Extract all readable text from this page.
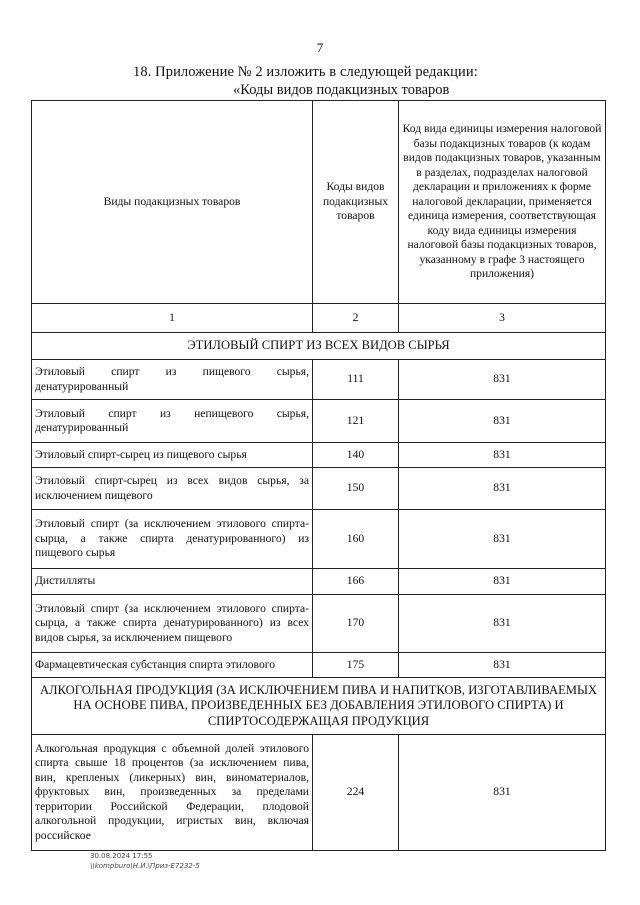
7
18. Приложение № 2 изложить в следующей редакции:
«Коды видов подакцизных товаров
Виды подакцизных товаров	Коды видов подакцизных товаров	Код вида единицы измерения налоговой базы подакцизных товаров (к кодам видов подакцизных товаров, указанным в разделах, подразделах налоговой декларации и приложениях к форме налоговой декларации, применяется единица измерения, соответствующая коду вида единицы измерения налоговой базы подакцизных товаров, указанному в графе 3 настоящего приложения)
1	2	3
ЭТИЛОВЫЙ СПИРТ ИЗ ВСЕХ ВИДОВ СЫРЬЯ		
Этиловый спирт из пищевого сырья, денатурированный	111	831
Этиловый спирт из непищевого сырья, денатурированный	121	831
Этиловый спирт-сырец из пищевого сырья	140	831
Этиловый спирт-сырец из всех видов сырья, за исключением пищевого	150	831
Этиловый спирт (за исключением этилового спирта-сырца, а также спирта денатурированного) из пищевого сырья	160	831
Дистилляты	166	831
Этиловый спирт (за исключением этилового спирта-сырца, а также спирта денатурированного) из всех видов сырья, за исключением пищевого	170	831
Фармацевтическая субстанция спирта этилового	175	831
АЛКОГОЛЬНАЯ ПРОДУКЦИЯ (ЗА ИСКЛЮЧЕНИЕМ ПИВА И НАПИТКОВ, ИЗГОТАВЛИВАЕМЫХ НА ОСНОВЕ ПИВА, ПРОИЗВЕДЕННЫХ БЕЗ ДОБАВЛЕНИЯ ЭТИЛОВОГО СПИРТА) И СПИРТОСОДЕРЖАЩАЯ ПРОДУКЦИЯ		
Алкогольная продукция с объемной долей этилового спирта свыше 18 процентов (за исключением пива, вин, крепленых (ликерных) вин, виноматериалов, фруктовых вин, произведенных за пределами территории Российской Федерации, плодовой алкогольной продукции, игристых вин, включая российское	224	831
30.08.2024 17:55
\\kompburo\Н.И.\Приз-Е7232-5
